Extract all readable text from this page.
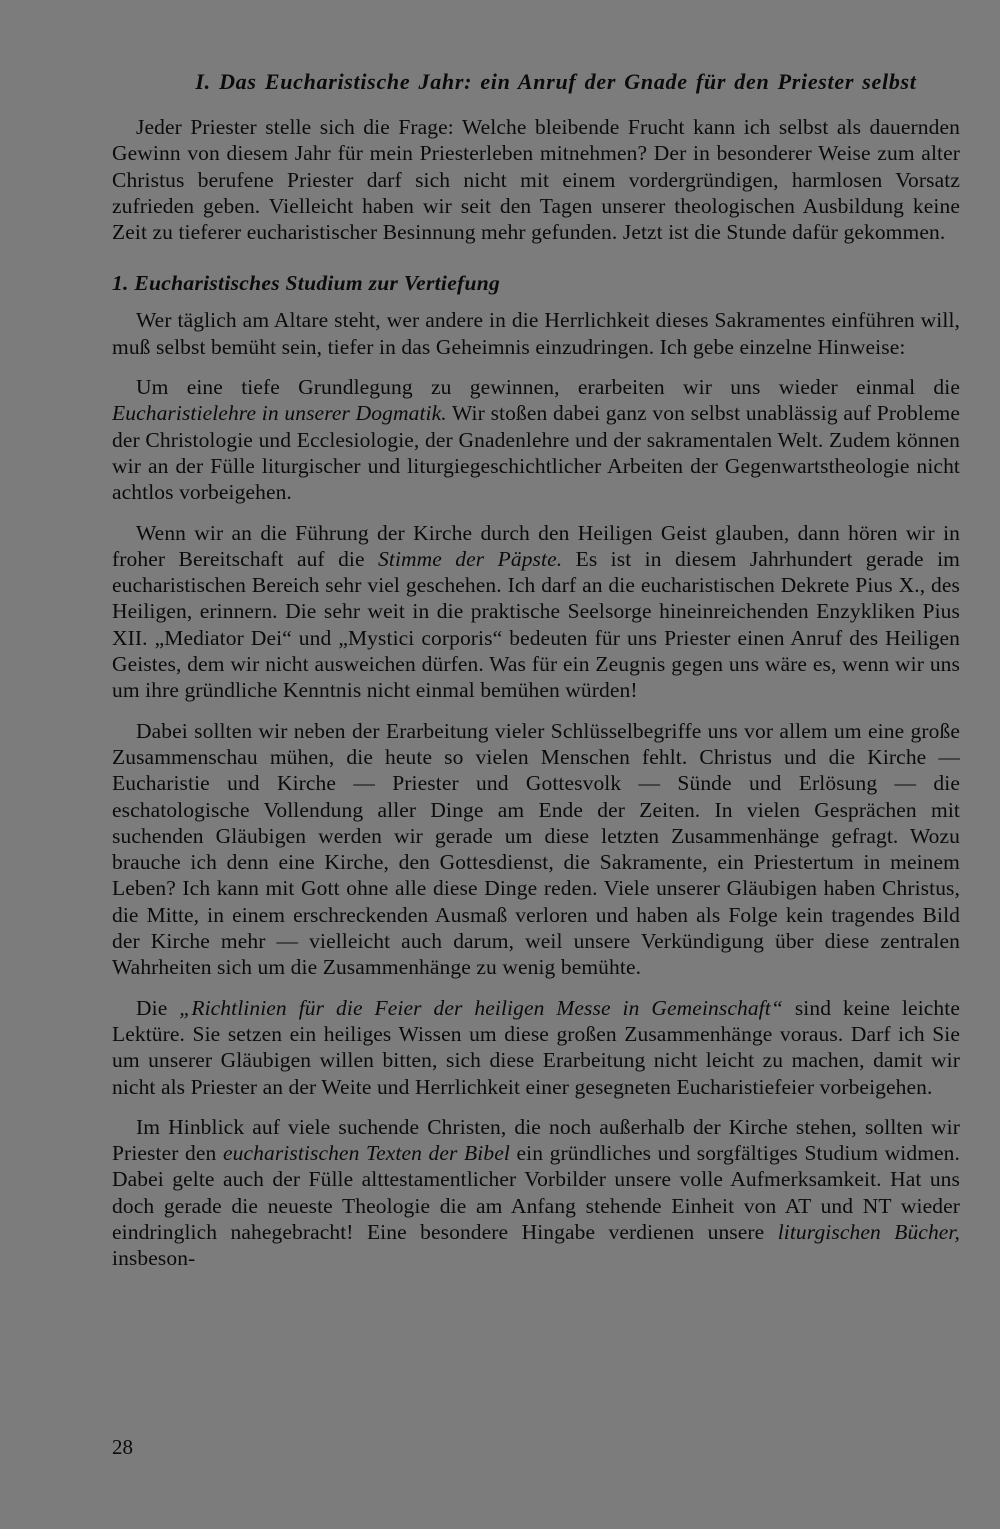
I. Das Eucharistische Jahr: ein Anruf der Gnade für den Priester selbst

Jeder Priester stelle sich die Frage: Welche bleibende Frucht kann ich selbst als dauernden Gewinn von diesem Jahr für mein Priesterleben mitnehmen? Der in besonderer Weise zum alter Christus berufene Priester darf sich nicht mit einem vordergründigen, harmlosen Vorsatz zufrieden geben. Vielleicht haben wir seit den Tagen unserer theologischen Ausbildung keine Zeit zu tieferer eucharistischer Besinnung mehr gefunden. Jetzt ist die Stunde dafür gekommen.

1. Eucharistisches Studium zur Vertiefung

Wer täglich am Altare steht, wer andere in die Herrlichkeit dieses Sakramentes einführen will, muß selbst bemüht sein, tiefer in das Geheimnis einzudringen. Ich gebe einzelne Hinweise:

Um eine tiefe Grundlegung zu gewinnen, erarbeiten wir uns wieder einmal die Eucharistielehre in unserer Dogmatik. Wir stoßen dabei ganz von selbst unablässig auf Probleme der Christologie und Ecclesiologie, der Gnadenlehre und der sakramentalen Welt. Zudem können wir an der Fülle liturgischer und liturgiegeschichtlicher Arbeiten der Gegenwartstheologie nicht achtlos vorbeigehen.

Wenn wir an die Führung der Kirche durch den Heiligen Geist glauben, dann hören wir in froher Bereitschaft auf die Stimme der Päpste. Es ist in diesem Jahrhundert gerade im eucharistischen Bereich sehr viel geschehen. Ich darf an die eucharistischen Dekrete Pius X., des Heiligen, erinnern. Die sehr weit in die praktische Seelsorge hineinreichenden Enzykliken Pius XII. „Mediator Dei“ und „Mystici corporis“ bedeuten für uns Priester einen Anruf des Heiligen Geistes, dem wir nicht ausweichen dürfen. Was für ein Zeugnis gegen uns wäre es, wenn wir uns um ihre gründliche Kenntnis nicht einmal bemühen würden!

Dabei sollten wir neben der Erarbeitung vieler Schlüsselbegriffe uns vor allem um eine große Zusammenschau mühen, die heute so vielen Menschen fehlt. Christus und die Kirche — Eucharistie und Kirche — Priester und Gottesvolk — Sünde und Erlösung — die eschatologische Vollendung aller Dinge am Ende der Zeiten. In vielen Gesprächen mit suchenden Gläubigen werden wir gerade um diese letzten Zusammenhänge gefragt. Wozu brauche ich denn eine Kirche, den Gottesdienst, die Sakramente, ein Priestertum in meinem Leben? Ich kann mit Gott ohne alle diese Dinge reden. Viele unserer Gläubigen haben Christus, die Mitte, in einem erschreckenden Ausmaß verloren und haben als Folge kein tragendes Bild der Kirche mehr — vielleicht auch darum, weil unsere Verkündigung über diese zentralen Wahrheiten sich um die Zusammenhänge zu wenig bemühte.

Die „Richtlinien für die Feier der heiligen Messe in Gemeinschaft“ sind keine leichte Lektüre. Sie setzen ein heiliges Wissen um diese großen Zusammenhänge voraus. Darf ich Sie um unserer Gläubigen willen bitten, sich diese Erarbeitung nicht leicht zu machen, damit wir nicht als Priester an der Weite und Herrlichkeit einer gesegneten Eucharistiefeier vorbeigehen.

Im Hinblick auf viele suchende Christen, die noch außerhalb der Kirche stehen, sollten wir Priester den eucharistischen Texten der Bibel ein gründliches und sorgfältiges Studium widmen. Dabei gelte auch der Fülle alttestamentlicher Vorbilder unsere volle Aufmerksamkeit. Hat uns doch gerade die neueste Theologie die am Anfang stehende Einheit von AT und NT wieder eindringlich nahegebracht! Eine besondere Hingabe verdienen unsere liturgischen Bücher, insbeson-

28
